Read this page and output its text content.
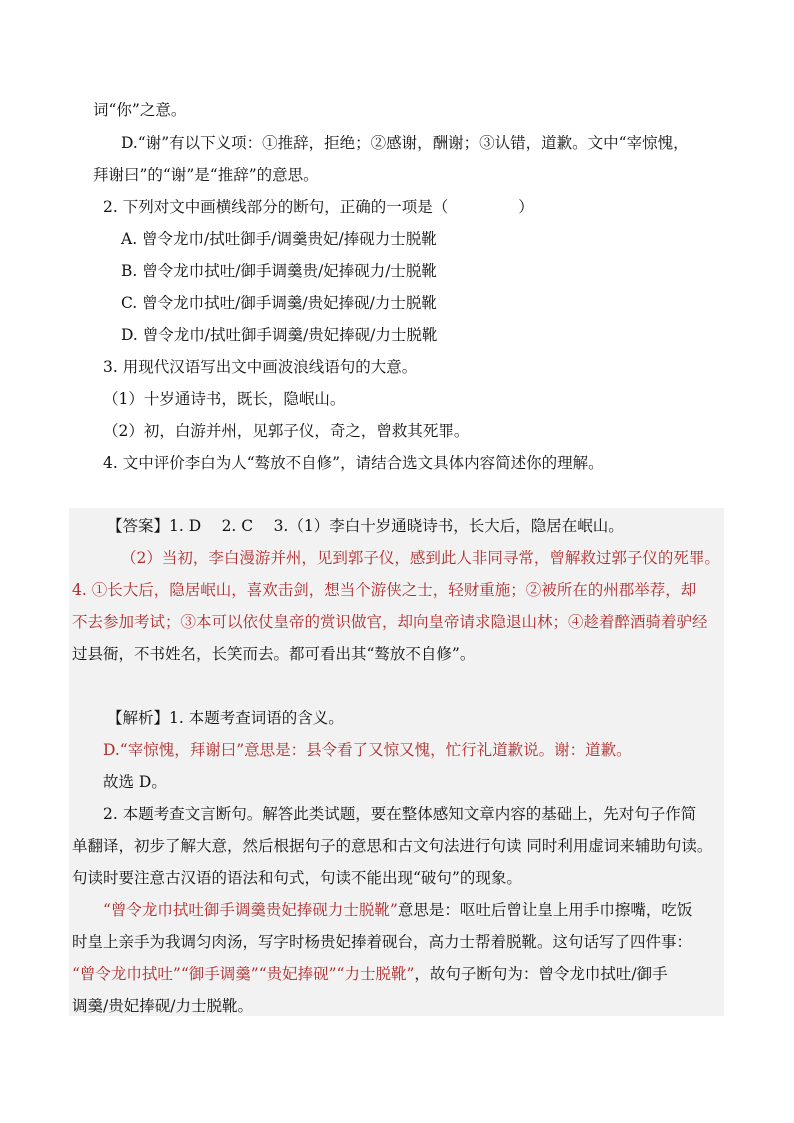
词“你”之意。
D.“谢”有以下义项：①推辞，拒绝；②感谢，酬谢；③认错，道歉。文中“宰惊愧，
拜谢曰”的“谢”是“推辞”的意思。
2. 下列对文中画横线部分的断句，正确的一项是（	）
A. 曾令龙巾/拭吐御手/调羹贵妃/捧砚力士脱靴
B. 曾令龙巾拭吐/御手调羹贵/妃捧砚力/士脱靴
C. 曾令龙巾拭吐/御手调羹/贵妃捧砚/力士脱靴
D. 曾令龙巾/拭吐御手调羹/贵妃捧砚/力士脱靴
3. 用现代汉语写出文中画波浪线语句的大意。
（1）十岁通诗书，既长，隐岷山。
（2）初，白游并州，见郭子仪，奇之，曾救其死罪。
4. 文中评价李白为人“骜放不自修”，请结合选文具体内容简述你的理解。
【答案】1. D　 2. C　 3.（1）李白十岁通晓诗书，长大后，隐居在岷山。
（2）当初，李白漫游并州，见到郭子仪，感到此人非同寻常，曾解救过郭子仪的死罪。
4. ①长大后，隐居岷山，喜欢击剑，想当个游侠之士，轻财重施；②被所在的州郡举荐，却
不去参加考试；③本可以依仗皇帝的赏识做官，却向皇帝请求隐退山林；④趁着醉酒骑着驴经
过县衙，不书姓名，长笑而去。都可看出其“骜放不自修”。
【解析】1. 本题考查词语的含义。
D.“宰惊愧，拜谢曰”意思是：县令看了又惊又愧，忙行礼道歉说。谢：道歉。
故选 D。
2. 本题考查文言断句。解答此类试题，要在整体感知文章内容的基础上，先对句子作简
单翻译，初步了解大意，然后根据句子的意思和古文句法进行句读 同时利用虚词来辅助句读。
句读时要注意古汉语的语法和句式，句读不能出现“破句”的现象。
“曾令龙巾拭吐御手调羹贵妃捧砚力士脱靴”意思是：呕吐后曾让皇上用手巾擦嘴，吃饭
时皇上亲手为我调匀肉汤，写字时杨贵妃捧着砚台，高力士帮着脱靴。这句话写了四件事：
“曾令龙巾拭吐”“御手调羹”“贵妃捧砚”“力士脱靴”，故句子断句为：曾令龙巾拭吐/御手
调羹/贵妃捧砚/力士脱靴。
